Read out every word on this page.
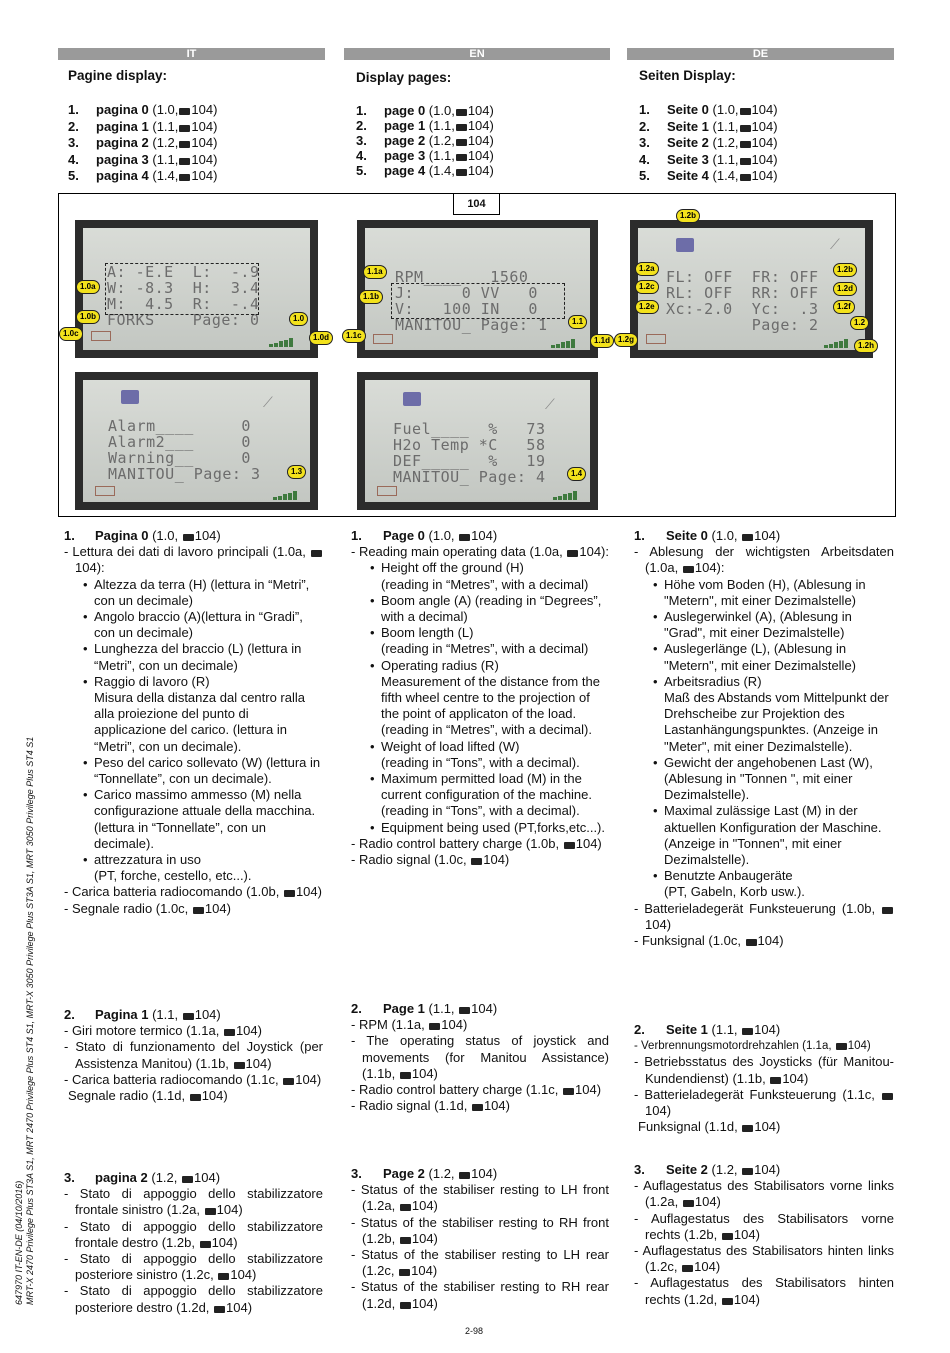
IT	EN	DE
Pagine display:
1. pagina 0 (1.0, 104)
2. pagina 1 (1.1, 104)
3. pagina 2 (1.2, 104)
4. pagina 3 (1.1, 104)
5. pagina 4 (1.4, 104)
Display pages:
1. page 0 (1.0, 104)
2. page 1 (1.1, 104)
3. page 2 (1.2, 104)
4. page 3 (1.1, 104)
5. page 4 (1.4, 104)
Seiten Display:
1. Seite 0 (1.0, 104)
2. Seite 1 (1.1, 104)
3. Seite 2 (1.2, 104)
4. Seite 3 (1.1, 104)
5. Seite 4 (1.4, 104)
104
A: -E.E  L:  -.9
W: -8.3  H:  3.4
M:  4.5  R:  -.4
FORKS    Page: 0
1.0a
1.0b
1.0c
1.0
1.0d
RPM____   1560
J:     0 VV   0
V:   100 IN   0
MANITOU_ Page: 1
1.1a
1.1b
1.1c
1.1
1.1d
⟋
FL: OFF  FR: OFF
RL: OFF  RR: OFF
Xc:-2.0  Yc:  .3
Page: 2
1.2b
1.2a
1.2c
1.2e
1.2g
1.2b
1.2d
1.2f
1.2
1.2h
⟋
Alarm____     0
Alarm2___     0
Warning__     0
MANITOU_ Page: 3	1.3
⟋
Fuel____  %   73
H2o Temp *C   58
DEF_____  %   19
MANITOU_ Page: 4	1.4
1. Pagina 0 (1.0, 104)
- Lettura dei dati di lavoro principali (1.0a, 104):
• Altezza da terra (H) (lettura in “Metri”, con un decimale)
• Angolo braccio (A)(lettura in “Gradi”, con un decimale)
• Lunghezza del braccio (L) (lettura in “Metri”, con un decimale)
• Raggio di lavoro (R)
Misura della distanza dal centro ralla alla proiezione del punto di applicazione del carico. (lettura in “Metri”, con un decimale).
• Peso del carico sollevato (W) (lettura in “Tonnellate”, con un decimale).
• Carico massimo ammesso (M) nella configurazione attuale della macchina. (lettura in “Tonnellate”, con un decimale).
• attrezzatura in uso
(PT, forche, cestello, etc...).
- Carica batteria radiocomando (1.0b, 104)
- Segnale radio (1.0c, 104)
2. Pagina 1 (1.1, 104)
- Giri motore termico (1.1a, 104)
- Stato di funzionamento del Joystick (per Assistenza Manitou) (1.1b, 104)
- Carica batteria radiocomando (1.1c, 104)
Segnale radio (1.1d, 104)
3. pagina 2 (1.2, 104)
- Stato di appoggio dello stabilizzatore frontale sinistro (1.2a, 104)
- Stato di appoggio dello stabilizzatore frontale destro (1.2b, 104)
- Stato di appoggio dello stabilizzatore posteriore sinistro (1.2c, 104)
- Stato di appoggio dello stabilizzatore posteriore destro (1.2d, 104)
1. Page 0 (1.0, 104)
- Reading main operating data (1.0a, 104):
• Height off the ground (H)
(reading in “Metres”, with a decimal)
• Boom angle (A) (reading in “Degrees”, with a decimal)
• Boom length (L)
(reading in “Metres”, with a decimal)
• Operating radius (R)
Measurement of the distance from the fifth wheel centre to the projection of the point of applicaton of the load. (reading in “Metres”, with a decimal).
• Weight of load lifted (W)
(reading in “Tons”, with a decimal).
• Maximum permitted load (M) in the current configuration of the machine. (reading in “Tons”, with a decimal).
• Equipment being used (PT,forks,etc...).
- Radio control battery charge (1.0b, 104)
- Radio signal (1.0c, 104)
2. Page 1 (1.1, 104)
- RPM (1.1a, 104)
- The operating status of joystick and movements (for Manitou Assistance) (1.1b, 104)
- Radio control battery charge (1.1c, 104)
- Radio signal (1.1d, 104)
3. Page 2 (1.2, 104)
- Status of the stabiliser resting to LH front (1.2a, 104)
- Status of the stabiliser resting to RH front (1.2b, 104)
- Status of the stabiliser resting to LH rear (1.2c, 104)
- Status of the stabiliser resting to RH rear (1.2d, 104)
1. Seite 0 (1.0, 104)
- Ablesung der wichtigsten Arbeitsdaten (1.0a, 104):
• Höhe vom Boden (H), (Ablesung in "Metern", mit einer Dezimalstelle)
• Auslegerwinkel (A), (Ablesung in "Grad", mit einer Dezimalstelle)
• Auslegerlänge (L), (Ablesung in "Metern", mit einer Dezimalstelle)
• Arbeitsradius (R)
Maß des Abstands vom Mittelpunkt der Drehscheibe zur Projektion des Lastanhängungspunktes. (Anzeige in "Meter", mit einer Dezimalstelle).
• Gewicht der angehobenen Last (W), (Ablesung in "Tonnen ", mit einer Dezimalstelle).
• Maximal zulässige Last (M) in der aktuellen Konfiguration der Maschine. (Anzeige in "Tonnen", mit einer Dezimalstelle).
• Benutzte Anbaugeräte
(PT, Gabeln, Korb usw.).
- Batterieladegerät Funksteuerung (1.0b, 104)
- Funksignal (1.0c, 104)
2. Seite 1 (1.1, 104)
- Verbrennungsmotordrehzahlen (1.1a, 104)
- Betriebsstatus des Joysticks (für Manitou-Kundendienst) (1.1b, 104)
- Batterieladegerät Funksteuerung (1.1c, 104)
Funksignal (1.1d, 104)
3. Seite 2 (1.2, 104)
- Auflagestatus des Stabilisators vorne links (1.2a, 104)
- Auflagestatus des Stabilisators vorne rechts (1.2b, 104)
- Auflagestatus des Stabilisators hinten links (1.2c, 104)
- Auflagestatus des Stabilisators hinten rechts (1.2d, 104)
647970 IT-EN-DE (04/10/2016) MRT-X 2470 Privilege Plus ST3A S1, MRT 2470 Privilege Plus ST4 S1, MRT-X 3050 Privilege Plus ST3A S1, MRT 3050 Privilege Plus ST4 S1
2-98
